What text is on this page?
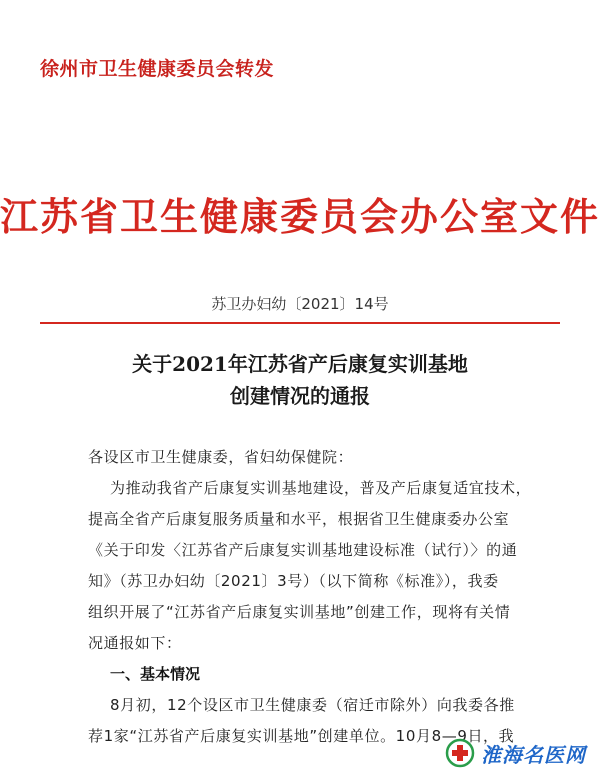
徐州市卫生健康委员会转发
江苏省卫生健康委员会办公室文件
苏卫办妇幼〔2021〕14号
关于2021年江苏省产后康复实训基地
创建情况的通报
各设区市卫生健康委，省妇幼保健院：
为推动我省产后康复实训基地建设，普及产后康复适宜技术，
提高全省产后康复服务质量和水平，根据省卫生健康委办公室
《关于印发〈江苏省产后康复实训基地建设标准（试行）〉的通
知》（苏卫办妇幼〔2021〕3号）（以下简称《标准》），我委
组织开展了“江苏省产后康复实训基地”创建工作，现将有关情
况通报如下：
一、基本情况
8月初，12个设区市卫生健康委（宿迁市除外）向我委各推
荐1家“江苏省产后康复实训基地”创建单位。10月8—9日，我
淮海名医网
